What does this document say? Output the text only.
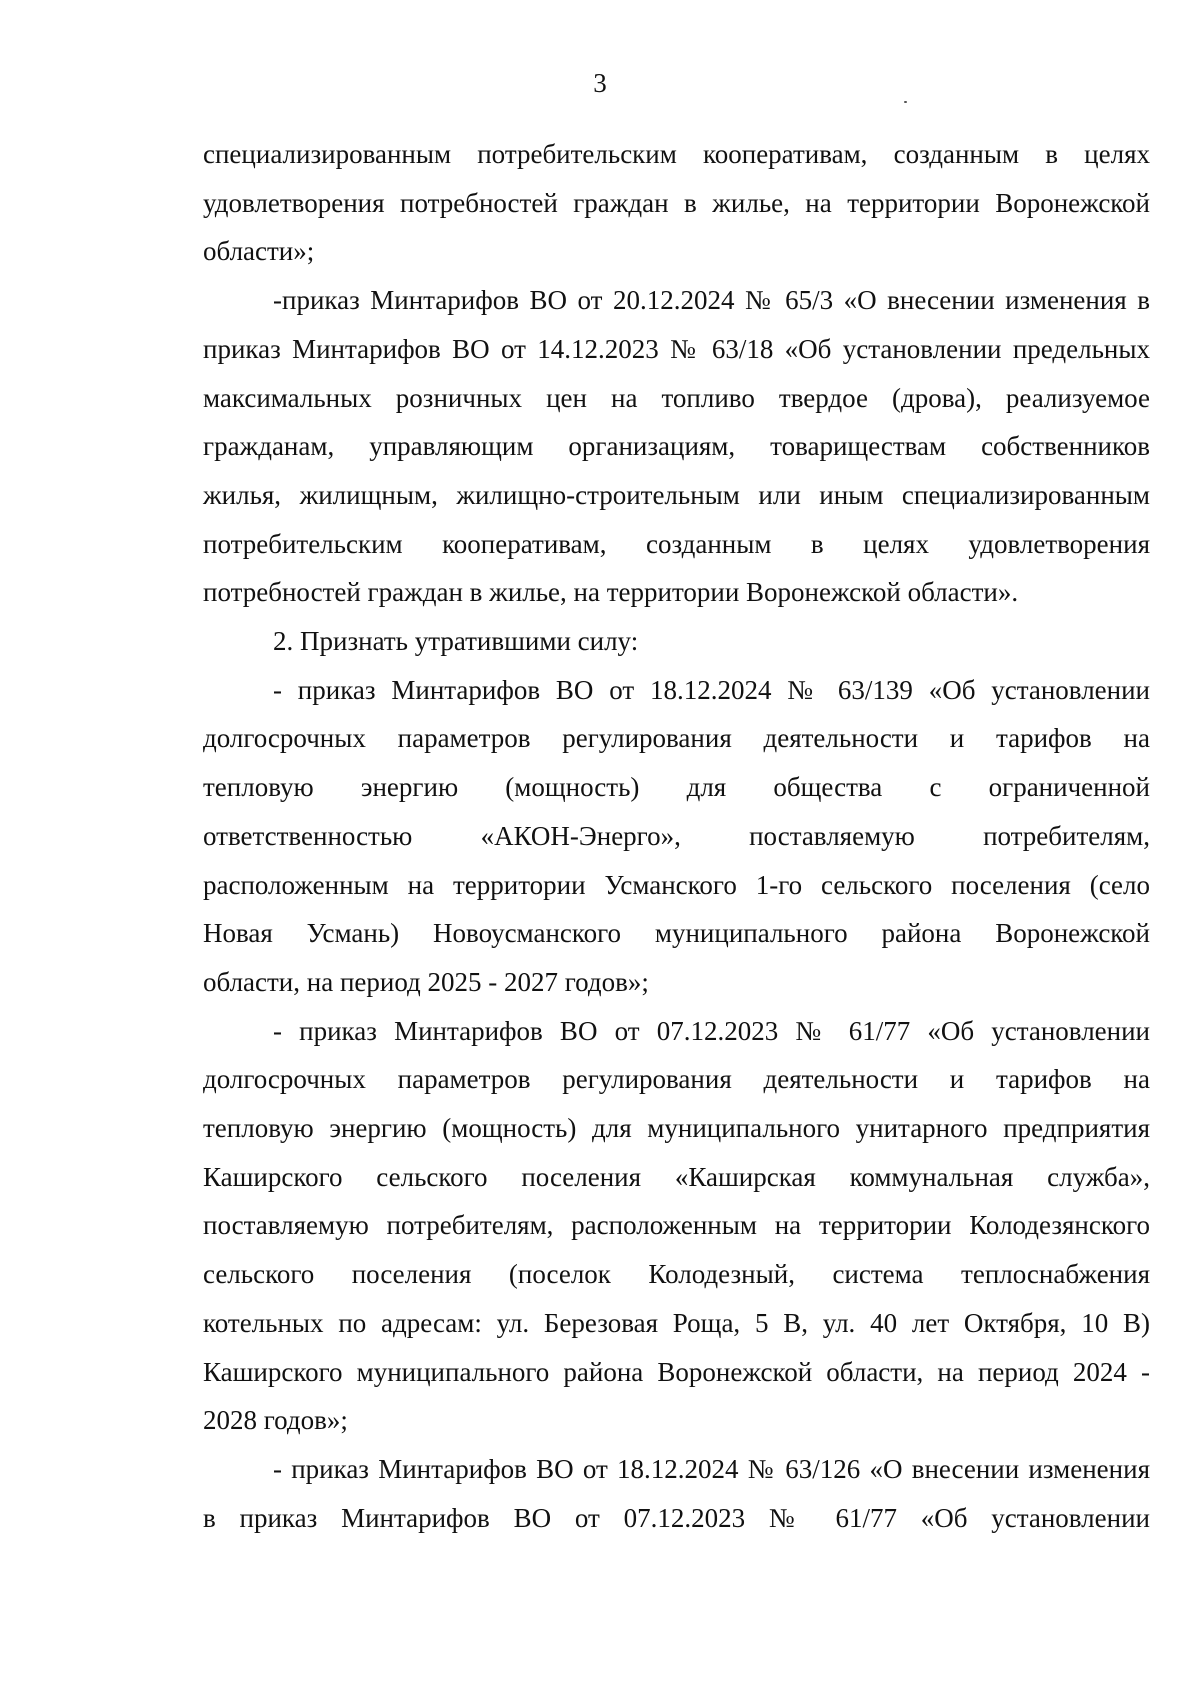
3

специализированным потребительским кооперативам, созданным в целях
удовлетворения потребностей граждан в жилье, на территории Воронежской
области»;

-приказ Минтарифов ВО от 20.12.2024 № 65/3 «О внесении изменения в
приказ Минтарифов ВО от 14.12.2023 № 63/18 «Об установлении предельных
максимальных розничных цен на топливо твердое (дрова), реализуемое
гражданам, управляющим организациям, товариществам собственников
жилья, жилищным, жилищно-строительным или иным специализированным
потребительским кооперативам, созданным в целях удовлетворения
потребностей граждан в жилье, на территории Воронежской области».

2. Признать утратившими силу:

- приказ Минтарифов ВО от 18.12.2024 № 63/139 «Об установлении
долгосрочных параметров регулирования деятельности и тарифов на
тепловую энергию (мощность) для общества с ограниченной
ответственностью «АКОН-Энерго», поставляемую потребителям,
расположенным на территории Усманского 1-го сельского поселения (село
Новая Усмань) Новоусманского муниципального района Воронежской
области, на период 2025 - 2027 годов»;

- приказ Минтарифов ВО от 07.12.2023 № 61/77 «Об установлении
долгосрочных параметров регулирования деятельности и тарифов на
тепловую энергию (мощность) для муниципального унитарного предприятия
Каширского сельского поселения «Каширская коммунальная служба»,
поставляемую потребителям, расположенным на территории Колодезянского
сельского поселения (поселок Колодезный, система теплоснабжения
котельных по адресам: ул. Березовая Роща, 5 В, ул. 40 лет Октября, 10 В)
Каширского муниципального района Воронежской области, на период 2024 -
2028 годов»;

- приказ Минтарифов ВО от 18.12.2024 № 63/126 «О внесении изменения
в приказ Минтарифов ВО от 07.12.2023 № 61/77 «Об установлении
